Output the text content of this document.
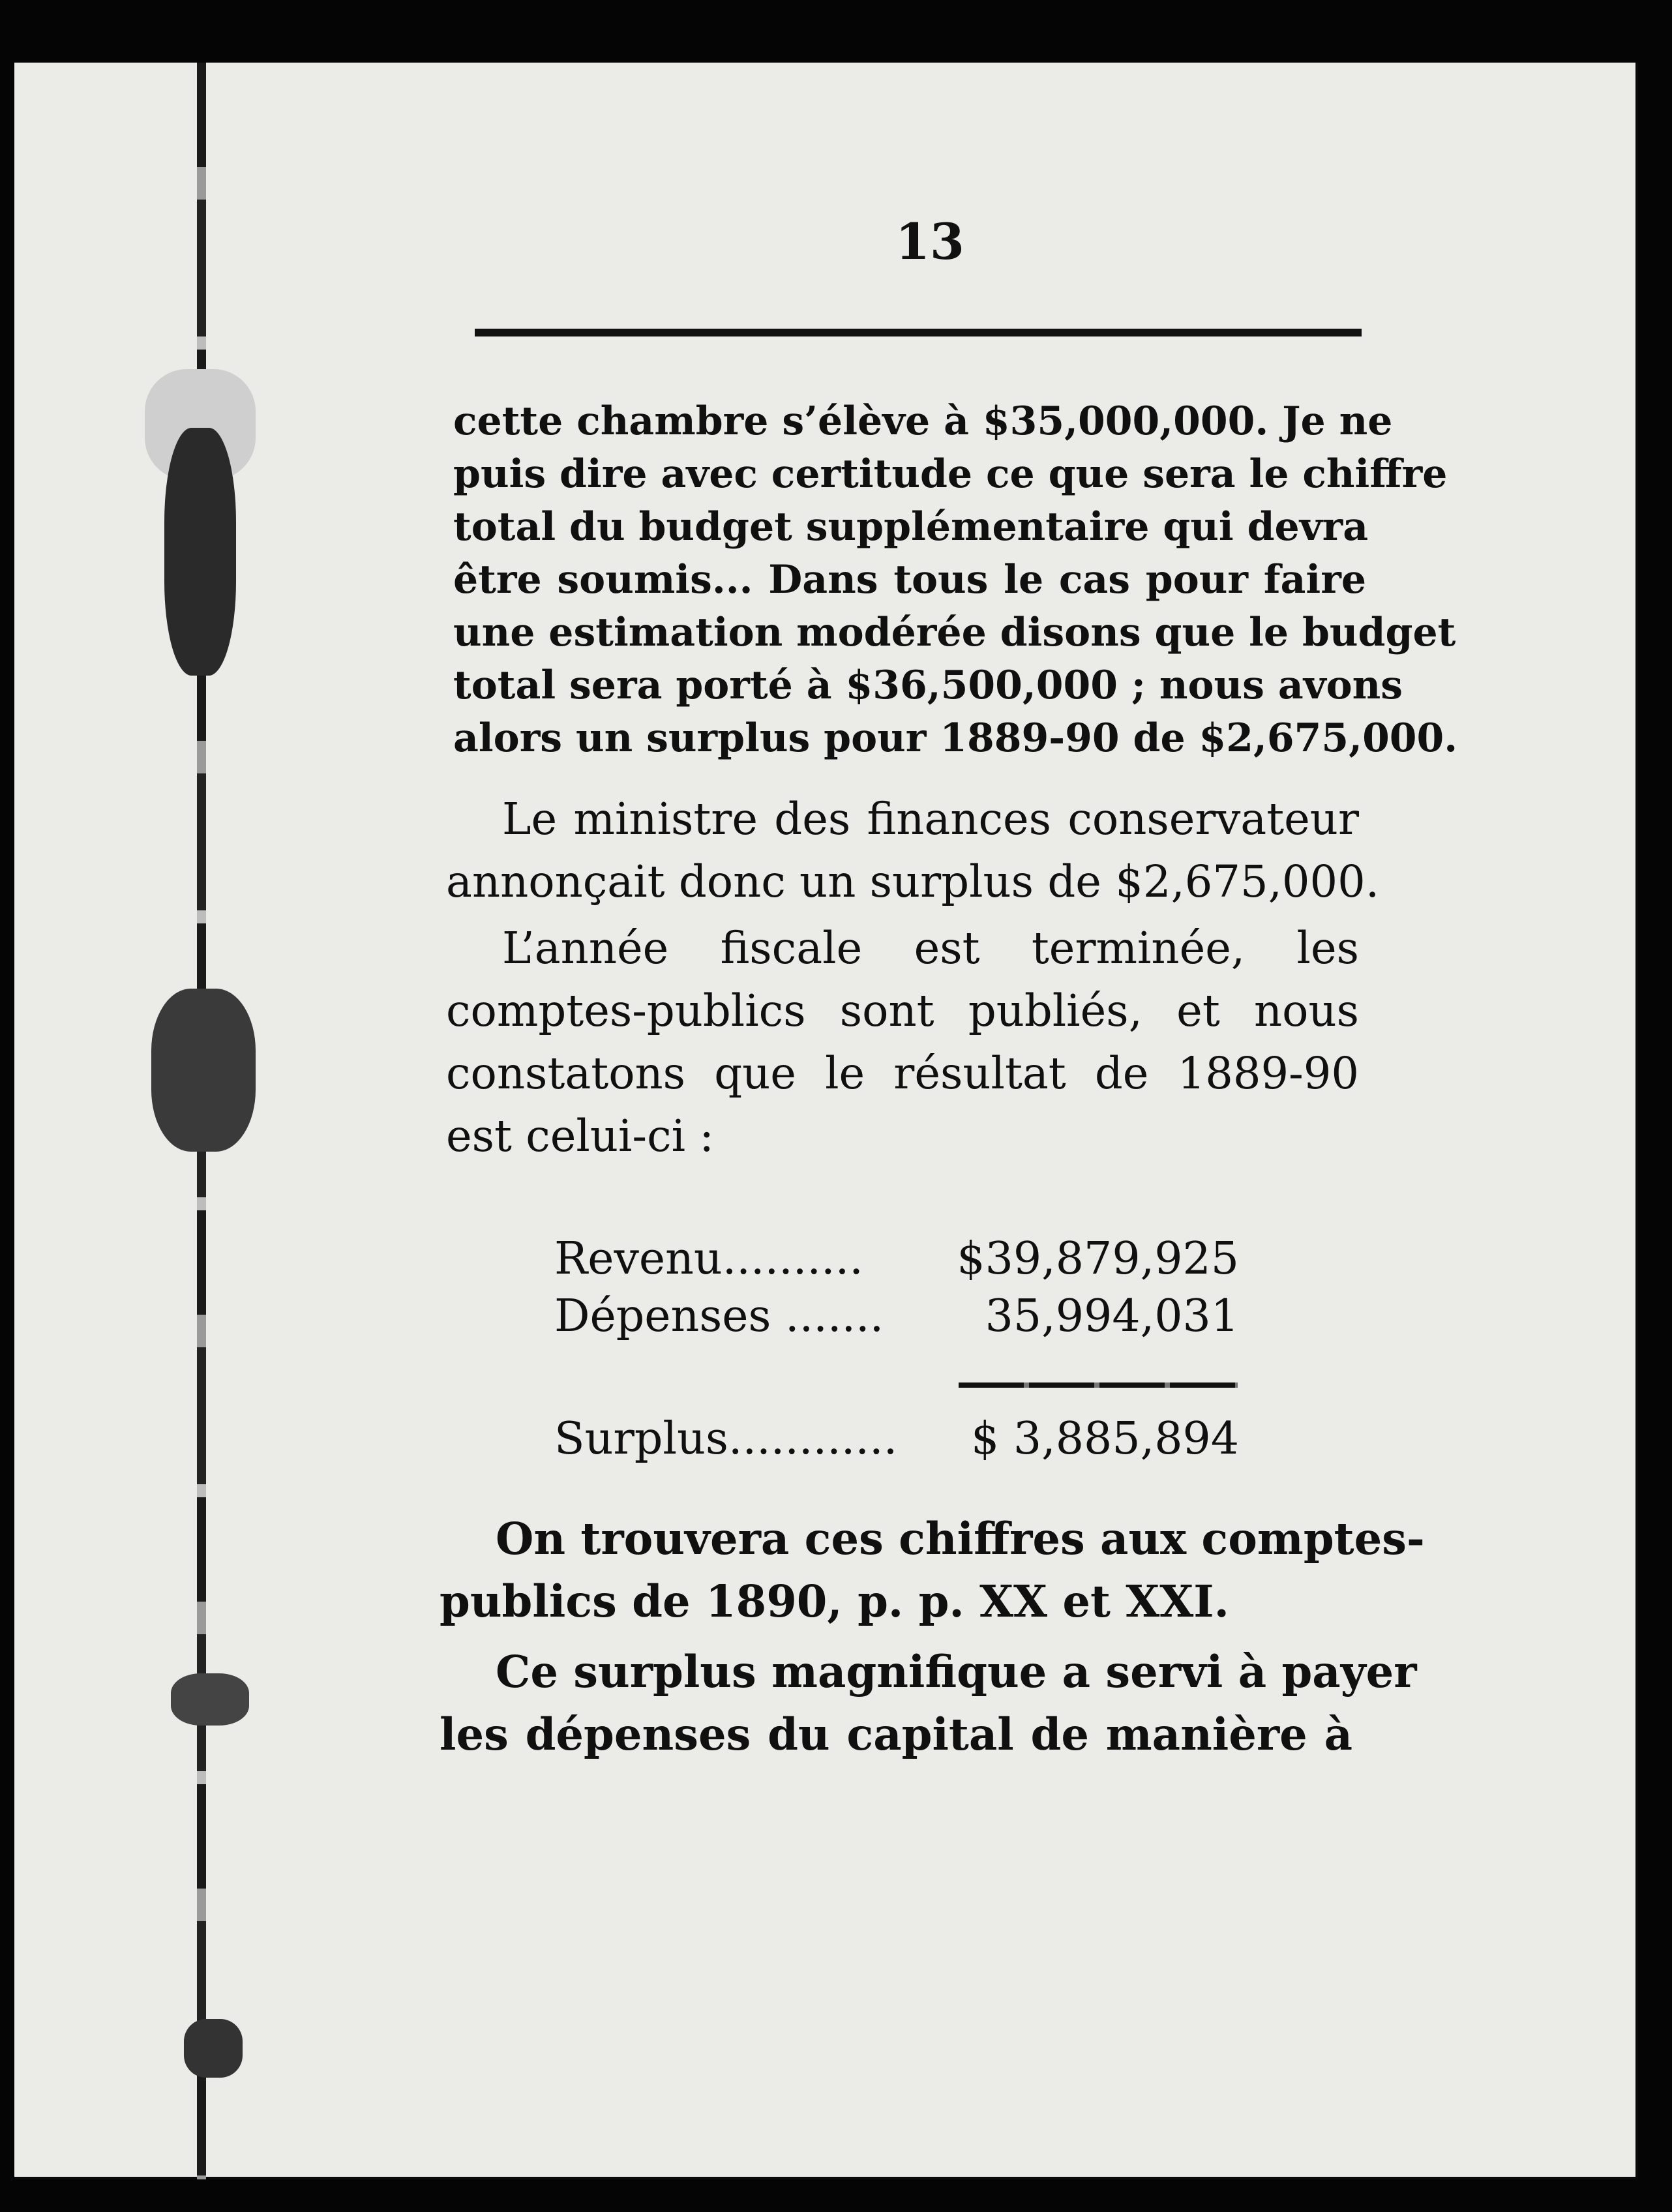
13
cette chambre s’élève à $35,000,000. Je ne
puis dire avec certitude ce que sera le chiffre
total du budget supplémentaire qui devra
être soumis... Dans tous le cas pour faire
une estimation modérée disons que le budget
total sera porté à $36,500,000 ; nous avons
alors un surplus pour 1889-90 de $2,675,000.
Le ministre des finances conservateur
annonçait donc un surplus de $2,675,000.
L’année fiscale est terminée, les
comptes-publics sont publiés, et nous
constatons que le résultat de 1889-90
est celui-ci :
Revenu.......... $39,879,925
Dépenses ....... 35,994,031
Surplus............ $ 3,885,894
On trouvera ces chiffres aux comptes-
publics de 1890, p. p. XX et XXI.
Ce surplus magnifique a servi à payer
les dépenses du capital de manière à
